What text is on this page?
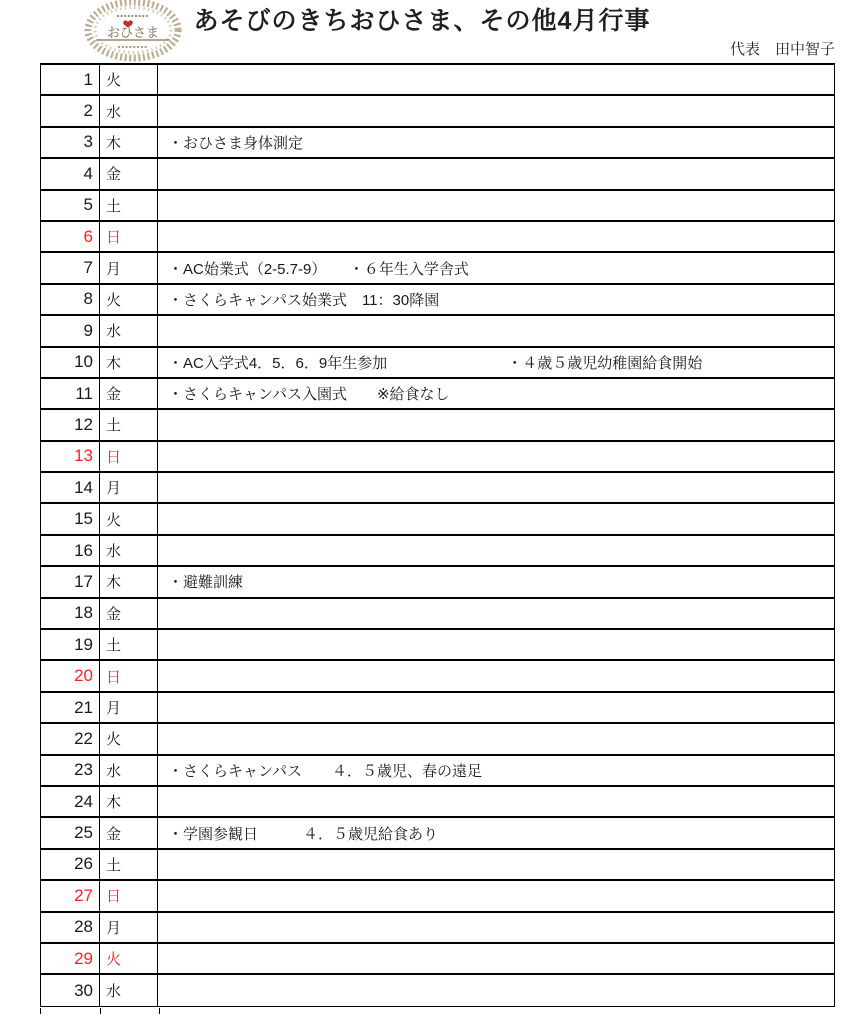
おひさま	あそびのきちおひさま、その他4月行事
代表　田中智子
1 火
2 水
3 木	・おひさま身体測定
4 金
5 土
6 日
7 月	・AC始業式（2-5.7-9）　　・６年生入学舎式
8 火	・さくらキャンパス始業式　11：30降園
9 水
10 木	・AC入学式4．5．6．9年生参加　　　　　　　　・４歳５歳児幼稚園給食開始
11 金	・さくらキャンパス入園式　　※給食なし
12 土
13 日
14 月
15 火
16 水
17 木	・避難訓練
18 金
19 土
20 日
21 月
22 火
23 水	・さくらキャンパス　　４．５歳児、春の遠足
24 木
25 金	・学園参観日　　　４．５歳児給食あり
26 土
27 日
28 月
29 火
30 水
